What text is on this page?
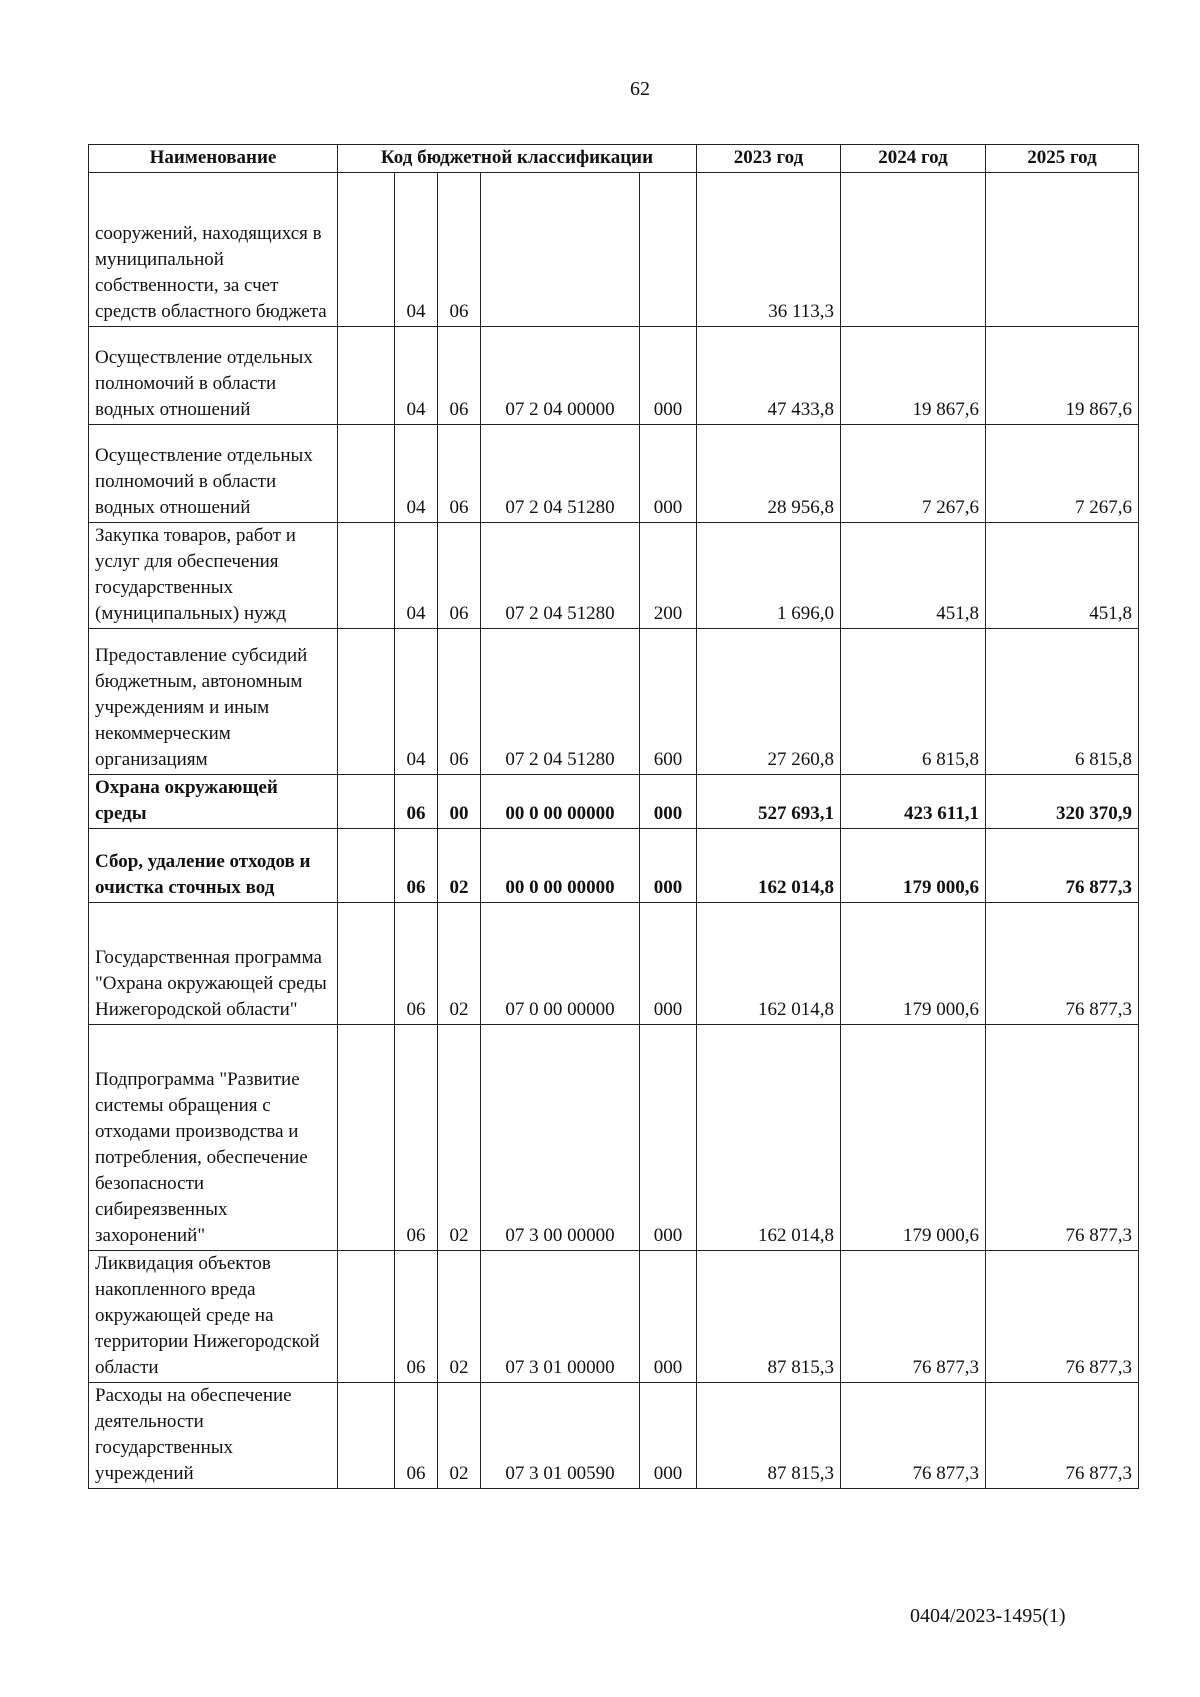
62
Наименование	Код бюджетной классификации					2023 год	2024 год	2025 год
сооружений, находящихся в муниципальной собственности, за счет средств областного бюджета		04	06			36 113,3		
Осуществление отдельных полномочий в области водных отношений		04	06	07 2 04 00000	000	47 433,8	19 867,6	19 867,6
Осуществление отдельных полномочий в области водных отношений		04	06	07 2 04 51280	000	28 956,8	7 267,6	7 267,6
Закупка товаров, работ и услуг для обеспечения государственных (муниципальных) нужд		04	06	07 2 04 51280	200	1 696,0	451,8	451,8
Предоставление субсидий бюджетным, автономным учреждениям и иным некоммерческим организациям		04	06	07 2 04 51280	600	27 260,8	6 815,8	6 815,8
Охрана окружающей среды		06	00	00 0 00 00000	000	527 693,1	423 611,1	320 370,9
Сбор, удаление отходов и очистка сточных вод		06	02	00 0 00 00000	000	162 014,8	179 000,6	76 877,3
Государственная программа "Охрана окружающей среды Нижегородской области"		06	02	07 0 00 00000	000	162 014,8	179 000,6	76 877,3
Подпрограмма "Развитие системы обращения с отходами производства и потребления, обеспечение безопасности сибиреязвенных захоронений"		06	02	07 3 00 00000	000	162 014,8	179 000,6	76 877,3
Ликвидация объектов накопленного вреда окружающей среде на территории Нижегородской области		06	02	07 3 01 00000	000	87 815,3	76 877,3	76 877,3
Расходы на обеспечение деятельности государственных учреждений		06	02	07 3 01 00590	000	87 815,3	76 877,3	76 877,3
0404/2023-1495(1)
